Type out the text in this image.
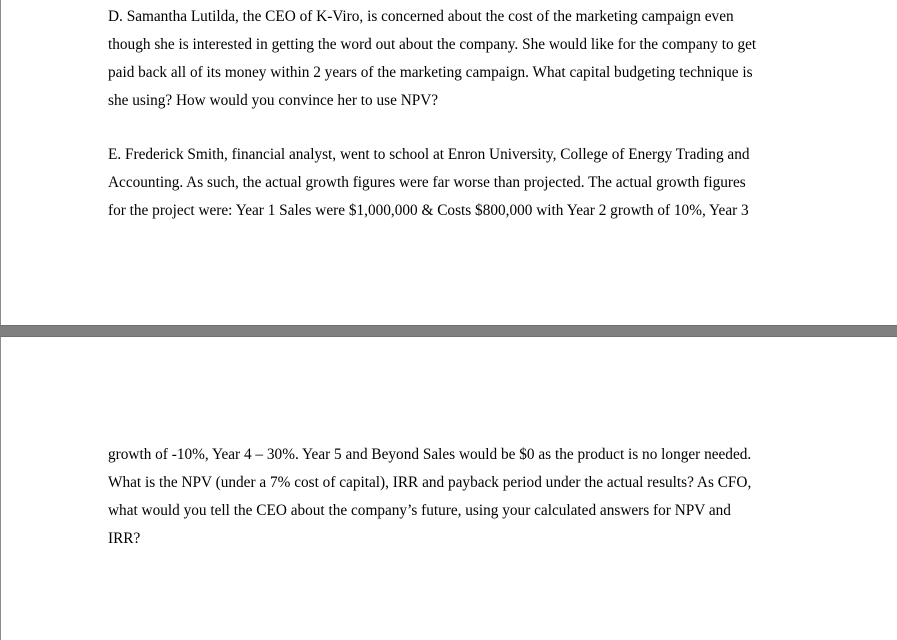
D. Samantha Lutilda, the CEO of K-Viro, is concerned about the cost of the marketing campaign even
though she is interested in getting the word out about the company. She would like for the company to get
paid back all of its money within 2 years of the marketing campaign. What capital budgeting technique is
she using? How would you convince her to use NPV?

E. Frederick Smith, financial analyst, went to school at Enron University, College of Energy Trading and
Accounting. As such, the actual growth figures were far worse than projected. The actual growth figures
for the project were: Year 1 Sales were $1,000,000 & Costs $800,000 with Year 2 growth of 10%, Year 3

growth of -10%, Year 4 – 30%. Year 5 and Beyond Sales would be $0 as the product is no longer needed.
What is the NPV (under a 7% cost of capital), IRR and payback period under the actual results? As CFO,
what would you tell the CEO about the company’s future, using your calculated answers for NPV and
IRR?
